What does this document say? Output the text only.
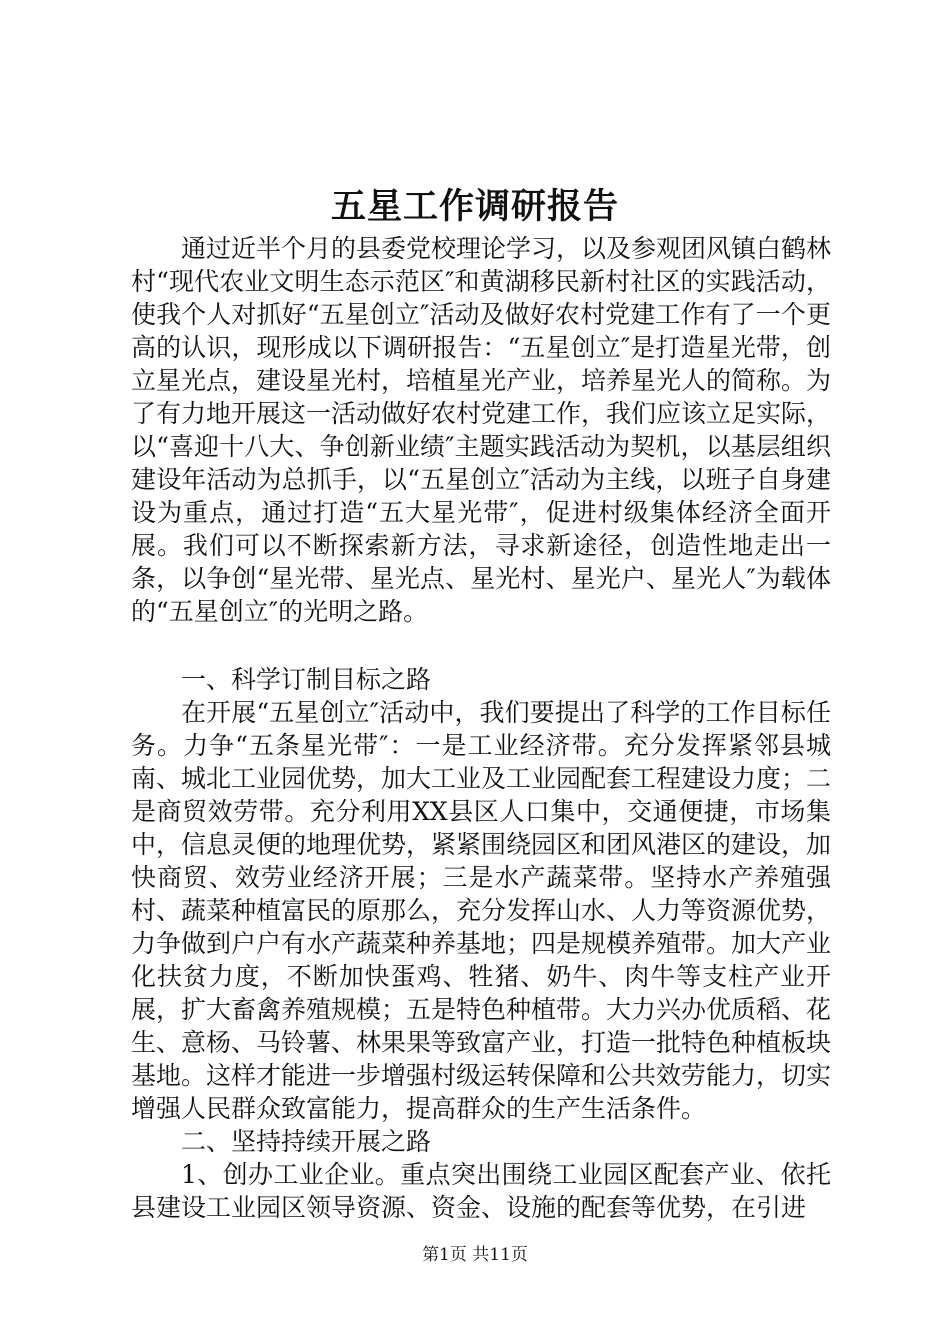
五星工作调研报告

通过近半个月的县委党校理论学习，以及参观团风镇白鹤林村“现代农业文明生态示范区″和黄湖移民新村社区的实践活动，使我个人对抓好“五星创立″活动及做好农村党建工作有了一个更高的认识，现形成以下调研报告：“五星创立″是打造星光带，创立星光点，建设星光村，培植星光产业，培养星光人的简称。为了有力地开展这一活动做好农村党建工作，我们应该立足实际，以“喜迎十八大、争创新业绩″主题实践活动为契机，以基层组织建设年活动为总抓手，以“五星创立″活动为主线，以班子自身建设为重点，通过打造“五大星光带″，促进村级集体经济全面开展。我们可以不断探索新方法，寻求新途径，创造性地走出一条，以争创“星光带、星光点、星光村、星光户、星光人″为载体的“五星创立″的光明之路。

一、科学订制目标之路

在开展“五星创立″活动中，我们要提出了科学的工作目标任务。力争“五条星光带″：一是工业经济带。充分发挥紧邻县城南、城北工业园优势，加大工业及工业园配套工程建设力度；二是商贸效劳带。充分利用XX县区人口集中，交通便捷，市场集中，信息灵便的地理优势，紧紧围绕园区和团风港区的建设，加快商贸、效劳业经济开展；三是水产蔬菜带。坚持水产养殖强村、蔬菜种植富民的原那么，充分发挥山水、人力等资源优势，力争做到户户有水产蔬菜种养基地；四是规模养殖带。加大产业化扶贫力度，不断加快蛋鸡、牲猪、奶牛、肉牛等支柱产业开展，扩大畜禽养殖规模；五是特色种植带。大力兴办优质稻、花生、意杨、马铃薯、林果果等致富产业，打造一批特色种植板块基地。这样才能进一步增强村级运转保障和公共效劳能力，切实增强人民群众致富能力，提高群众的生产生活条件。

二、坚持持续开展之路

1、创办工业企业。重点突出围绕工业园区配套产业、依托县建设工业园区领导资源、资金、设施的配套等优势，在引进

第1页 共11页
